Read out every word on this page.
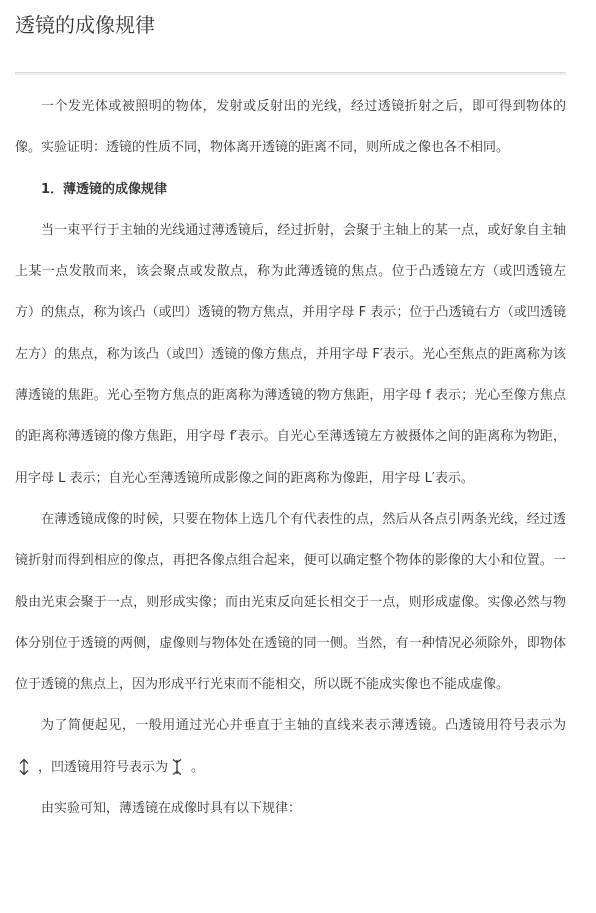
透镜的成像规律

一个发光体或被照明的物体，发射或反射出的光线，经过透镜折射之后，即可得到物体的像。实验证明：透镜的性质不同，物体离开透镜的距离不同，则所成之像也各不相同。

1．薄透镜的成像规律

当一束平行于主轴的光线通过薄透镜后，经过折射，会聚于主轴上的某一点，或好象自主轴上某一点发散而来，该会聚点或发散点，称为此薄透镜的焦点。位于凸透镜左方（或凹透镜左方）的焦点，称为该凸（或凹）透镜的物方焦点，并用字母 F 表示；位于凸透镜右方（或凹透镜左方）的焦点，称为该凸（或凹）透镜的像方焦点，并用字母 F′表示。光心至焦点的距离称为该薄透镜的焦距。光心至物方焦点的距离称为薄透镜的物方焦距，用字母 f 表示；光心至像方焦点的距离称薄透镜的像方焦距，用字母 f′表示。自光心至薄透镜左方被摄体之间的距离称为物距，用字母 L 表示；自光心至薄透镜所成影像之间的距离称为像距，用字母 L′表示。

在薄透镜成像的时候，只要在物体上选几个有代表性的点，然后从各点引两条光线，经过透镜折射而得到相应的像点，再把各像点组合起来，便可以确定整个物体的影像的大小和位置。一般由光束会聚于一点，则形成实像；而由光束反向延长相交于一点，则形成虚像。实像必然与物体分别位于透镜的两侧，虚像则与物体处在透镜的同一侧。当然，有一种情况必须除外，即物体位于透镜的焦点上，因为形成平行光束而不能相交，所以既不能成实像也不能成虚像。

为了简便起见，一般用通过光心并垂直于主轴的直线来表示薄透镜。凸透镜用符号表示为
，凹透镜用符号表示为 。

由实验可知，薄透镜在成像时具有以下规律：
